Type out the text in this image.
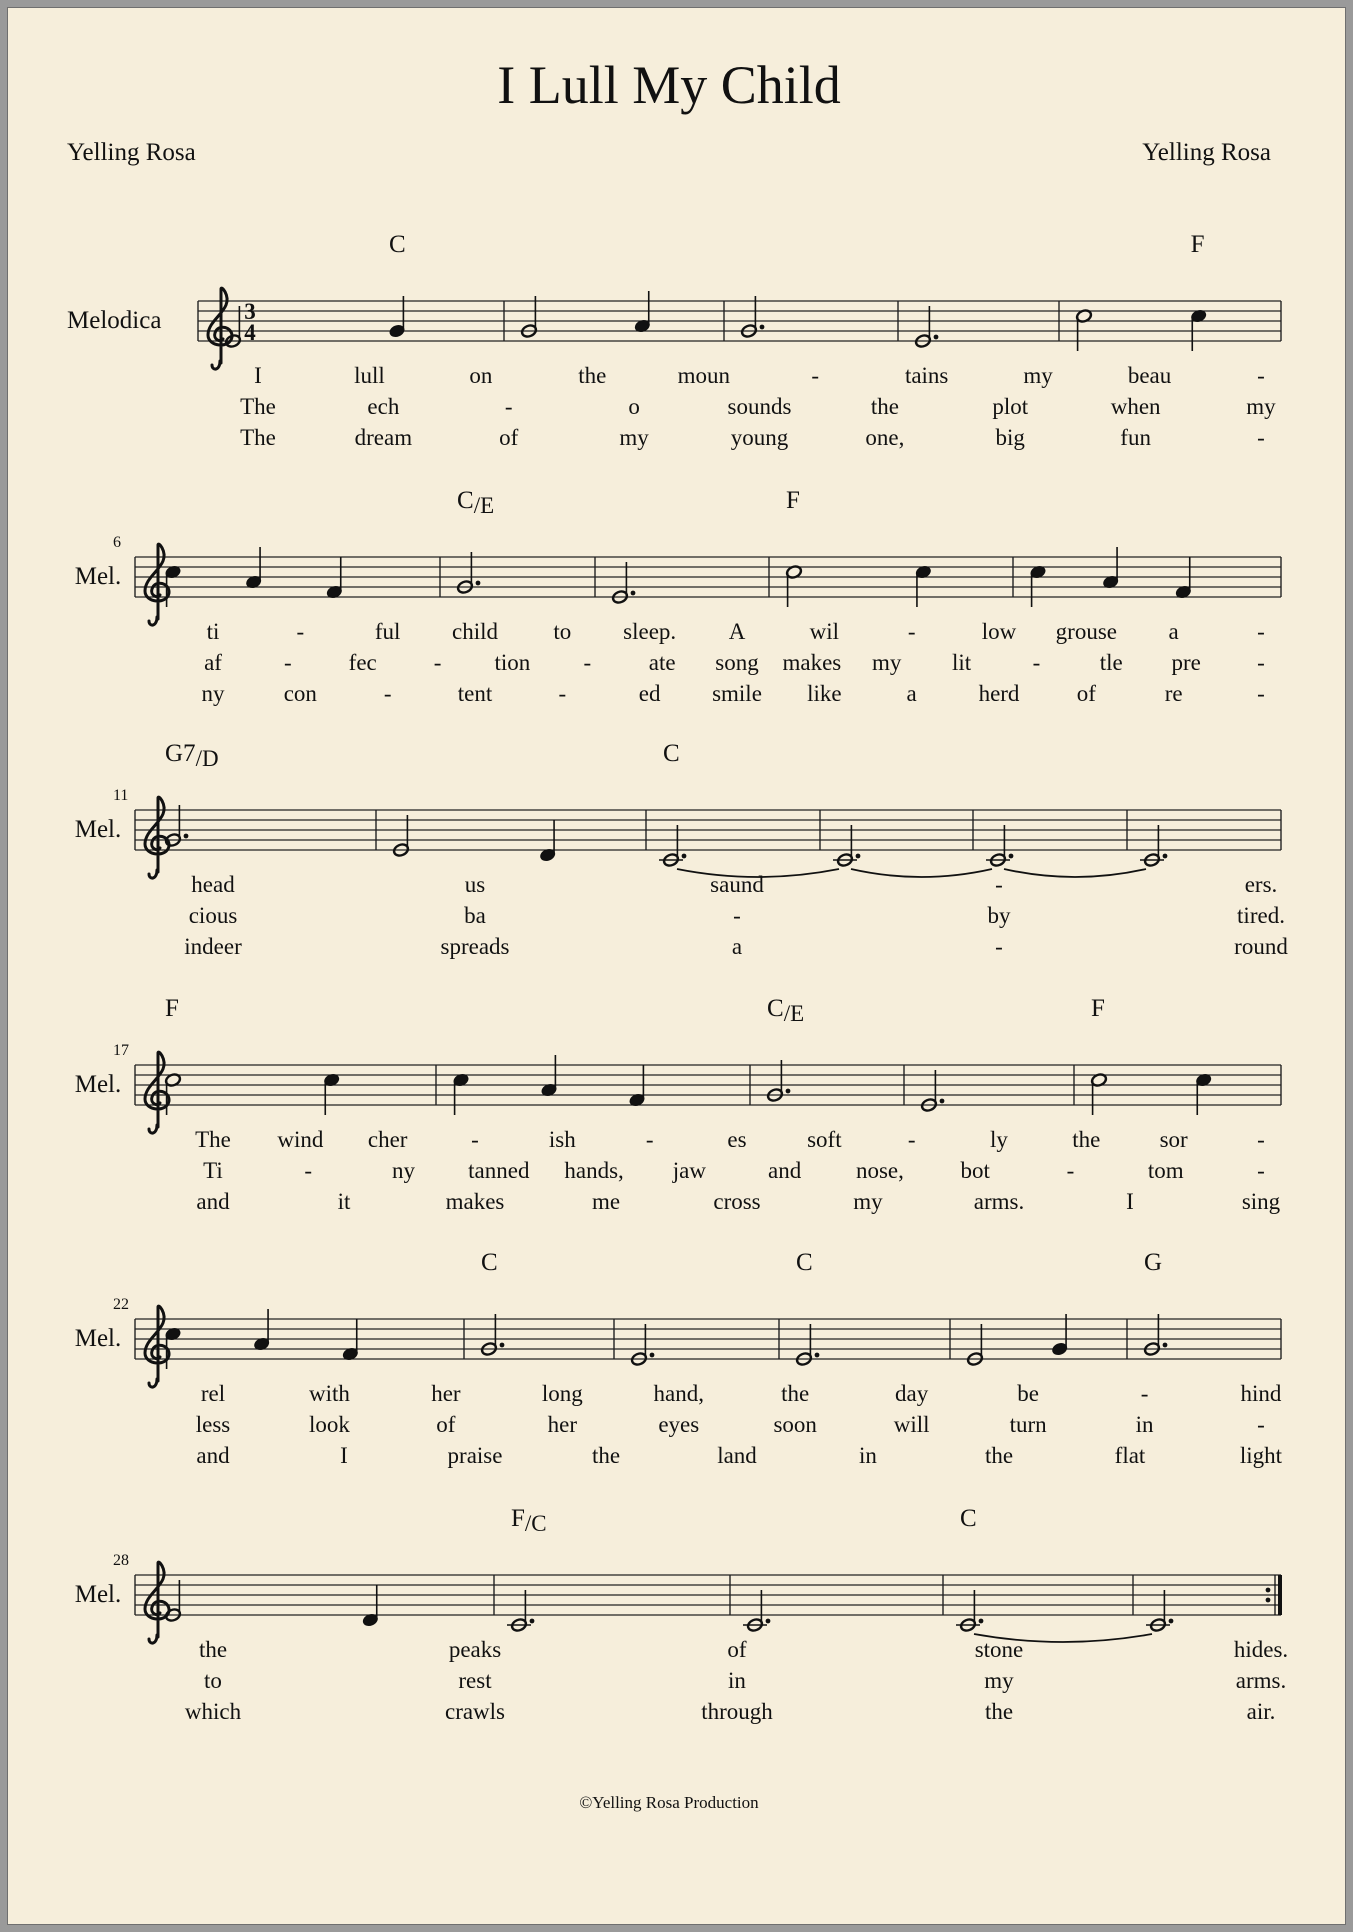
I Lull My Child
Yelling Rosa	Yelling Rosa
©Yelling Rosa Production
Melodica	3
4
C	F
I	lull	on	the	moun	-	tains	my	beau	-
The	ech	-	o	sounds	the	plot	when	my
The	dream	of	my	young	one,	big	fun	-
Mel.
6
C/E	F
ti	-	ful child to sleep. A	wil	-	low grouse a	-
af	- fec - tion -	ate song makes my lit	-	tle pre -
ny	con	-	tent	-	ed smile like	a	herd of	re	-
Mel.
11
G7/D	C
head	us	saund	-	ers.
cious	ba	-	by	tired.
indeer	spreads	a	-	round
Mel.
17
F	C/E	F
The wind cher	-	ish	-	es	soft	-	ly	the	sor	-
Ti	-	ny tanned hands, jaw	and nose, bot	-	tom	-
and	it	makes	me	cross	my	arms.	I	sing
Mel.
22
C	C	G
rel	with	her	long	hand,	the	day	be	-	hind
less	look	of	her	eyes	soon	will	turn	in	-
and	I	praise	the	land	in	the	flat	light
Mel.
28
F/C	C
the	peaks	of	stone	hides.
to	rest	in	my	arms.
which	crawls	through	the	air.
